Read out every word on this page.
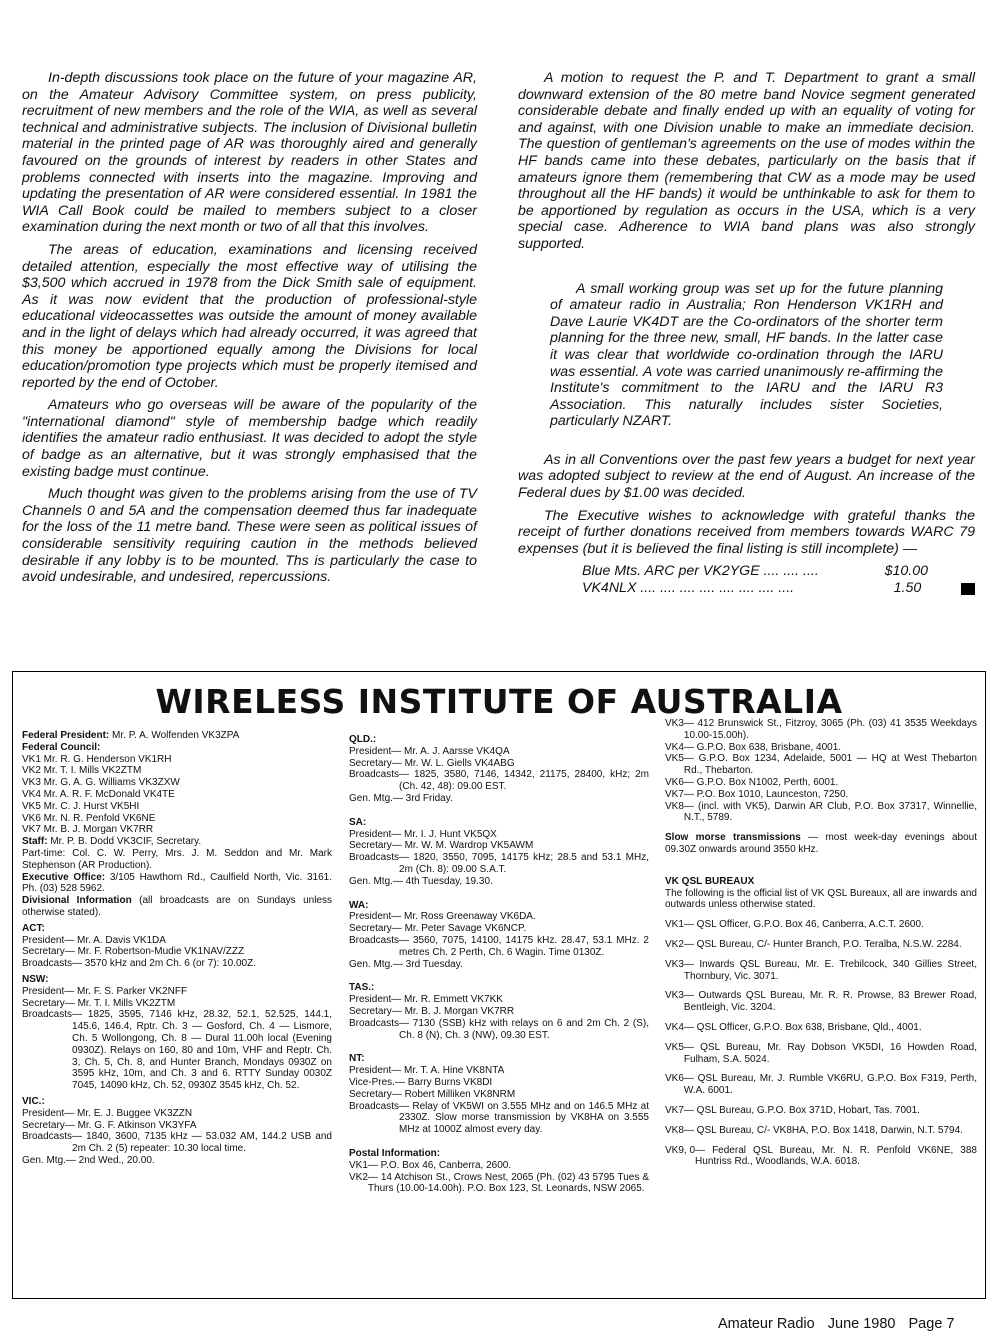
In-depth discussions took place on the future of your magazine AR, on the Amateur Advisory Committee system, on press publicity, recruitment of new members and the role of the WIA, as well as several technical and administrative subjects. The inclusion of Divisional bulletin material in the printed page of AR was thoroughly aired and generally favoured on the grounds of interest by readers in other States and problems connected with inserts into the magazine. Improving and updating the presentation of AR were considered essential. In 1981 the WIA Call Book could be mailed to members subject to a closer examination during the next month or two of all that this involves.

The areas of education, examinations and licensing received detailed attention, especially the most effective way of utilising the $3,500 which accrued in 1978 from the Dick Smith sale of equipment. As it was now evident that the production of professional-style educational videocassettes was outside the amount of money available and in the light of delays which had already occurred, it was agreed that this money be apportioned equally among the Divisions for local education/promotion type projects which must be properly itemised and reported by the end of October.

Amateurs who go overseas will be aware of the popularity of the "international diamond" style of membership badge which readily identifies the amateur radio enthusiast. It was decided to adopt the style of badge as an alternative, but it was strongly emphasised that the existing badge must continue.

Much thought was given to the problems arising from the use of TV Channels 0 and 5A and the compensation deemed thus far inadequate for the loss of the 11 metre band. These were seen as political issues of considerable sensitivity requiring caution in the methods believed desirable if any lobby is to be mounted. Ths is particularly the case to avoid undesirable, and undesired, repercussions.

A motion to request the P. and T. Department to grant a small downward extension of the 80 metre band Novice segment generated considerable debate and finally ended up with an equality of voting for and against, with one Division unable to make an immediate decision. The question of gentleman's agreements on the use of modes within the HF bands came into these debates, particularly on the basis that if amateurs ignore them (remembering that CW as a mode may be used throughout all the HF bands) it would be unthinkable to ask for them to be apportioned by regulation as occurs in the USA, which is a very special case. Adherence to WIA band plans was also strongly supported.

A small working group was set up for the future planning of amateur radio in Australia; Ron Henderson VK1RH and Dave Laurie VK4DT are the Co-ordinators of the shorter term planning for the three new, small, HF bands. In the latter case it was clear that worldwide co-ordination through the IARU was essential. A vote was carried unanimously re-affirming the Institute's commitment to the IARU and the IARU R3 Association. This naturally includes sister Societies, particularly NZART.

As in all Conventions over the past few years a budget for next year was adopted subject to review at the end of August. An increase of the Federal dues by $1.00 was decided.

The Executive wishes to acknowledge with grateful thanks the receipt of further donations received from members towards WARC 79 expenses (but it is believed the final listing is still incomplete) —

Blue Mts. ARC per VK2YGE .... .... ....	$10.00
VK4NLX .... .... .... .... .... .... .... ....	1.50
WIRELESS INSTITUTE OF AUSTRALIA
Federal President: Mr. P. A. Wolfenden VK3ZPA
Federal Council:
VK1 Mr. R. G. Henderson VK1RH
VK2 Mr. T. I. Mills VK2ZTM
VK3 Mr. G. A. G. Williams VK3ZXW
VK4 Mr. A. R. F. McDonald VK4TE
VK5 Mr. C. J. Hurst VK5HI
VK6 Mr. N. R. Penfold VK6NE
VK7 Mr. B. J. Morgan VK7RR
Staff: Mr. P. B. Dodd VK3CIF, Secretary.
Part-time: Col. C. W. Perry, Mrs. J. M. Seddon and Mr. Mark Stephenson (AR Production).
Executive Office: 3/105 Hawthorn Rd., Caulfield North, Vic. 3161. Ph. (03) 528 5962.
Divisional Information (all broadcasts are on Sundays unless otherwise stated).
ACT:
President — Mr. A. Davis VK1DA
Secretary — Mr. F. Robertson-Mudie VK1NAV/ZZZ
Broadcasts — 3570 kHz and 2m Ch. 6 (or 7): 10.00Z.
NSW:
President — Mr. F. S. Parker VK2NFF
Secretary — Mr. T. I. Mills VK2ZTM
Broadcasts — 1825, 3595, 7146 kHz, 28.32, 52.1, 52.525, 144.1, 145.6, 146.4, Rptr. Ch. 3 — Gosford, Ch. 4 — Lismore, Ch. 5 Wollongong, Ch. 8 — Dural 11.00h local (Evening 0930Z). Relays on 160, 80 and 10m, VHF and Reptr. Ch. 3, Ch. 5, Ch. 8, and Hunter Branch, Mondays 0930Z on 3595 kHz, 10m, and Ch. 3 and 6. RTTY Sunday 0030Z 7045, 14090 kHz, Ch. 52, 0930Z 3545 kHz, Ch. 52.
VIC.:
President — Mr. E. J. Buggee VK3ZZN
Secretary — Mr. G. F. Atkinson VK3YFA
Broadcasts — 1840, 3600, 7135 kHz — 53.032 AM, 144.2 USB and 2m Ch. 2 (5) repeater: 10.30 local time.
Gen. Mtg. — 2nd Wed., 20.00.
QLD.:
President — Mr. A. J. Aarsse VK4QA
Secretary — Mr. W. L. Giells VK4ABG
Broadcasts — 1825, 3580, 7146, 14342, 21175, 28400, kHz; 2m (Ch. 42, 48): 09.00 EST.
Gen. Mtg. — 3rd Friday.
SA:
President — Mr. I. J. Hunt VK5QX
Secretary — Mr. W. M. Wardrop VK5AWM
Broadcasts — 1820, 3550, 7095, 14175 kHz; 28.5 and 53.1 MHz, 2m (Ch. 8): 09.00 S.A.T.
Gen. Mtg. — 4th Tuesday, 19.30.
WA:
President — Mr. Ross Greenaway VK6DA.
Secretary — Mr. Peter Savage VK6NCP.
Broadcasts — 3560, 7075, 14100, 14175 kHz. 28.47, 53.1 MHz. 2 metres Ch. 2 Perth, Ch. 6 Wagin. Time 0130Z.
Gen. Mtg. — 3rd Tuesday.
TAS.:
President — Mr. R. Emmett VK7KK
Secretary — Mr. B. J. Morgan VK7RR
Broadcasts — 7130 (SSB) kHz with relays on 6 and 2m Ch. 2 (S), Ch. 8 (N), Ch. 3 (NW), 09.30 EST.
NT:
President — Mr. T. A. Hine VK8NTA
Vice-Pres. — Barry Burns VK8DI
Secretary — Robert Milliken VK8NRM
Broadcasts — Relay of VK5WI on 3.555 MHz and on 146.5 MHz at 2330Z. Slow morse transmission by VK8HA on 3.555 MHz at 1000Z almost every day.
Postal Information:
VK1 — P.O. Box 46, Canberra, 2600.
VK2 — 14 Atchison St., Crows Nest, 2065 (Ph. (02) 43 5795 Tues & Thurs (10.00-14.00h). P.O. Box 123, St. Leonards, NSW 2065.
VK3 — 412 Brunswick St., Fitzroy, 3065 (Ph. (03) 41 3535 Weekdays 10.00-15.00h).
VK4 — G.P.O. Box 638, Brisbane, 4001.
VK5 — G.P.O. Box 1234, Adelaide, 5001 — HQ at West Thebarton Rd., Thebarton.
VK6 — G.P.O. Box N1002, Perth, 6001.
VK7 — P.O. Box 1010, Launceston, 7250.
VK8 — (incl. with VK5), Darwin AR Club, P.O. Box 37317, Winnellie, N.T., 5789.
Slow morse transmissions — most week-day evenings about 09.30Z onwards around 3550 kHz.
VK QSL BUREAUX
The following is the official list of VK QSL Bureaux, all are inwards and outwards unless otherwise stated.
VK1 — QSL Officer, G.P.O. Box 46, Canberra, A.C.T. 2600.
VK2 — QSL Bureau, C/- Hunter Branch, P.O. Teralba, N.S.W. 2284.
VK3 — Inwards QSL Bureau, Mr. E. Trebilcock, 340 Gillies Street, Thornbury, Vic. 3071.
VK3 — Outwards QSL Bureau, Mr. R. R. Prowse, 83 Brewer Road, Bentleigh, Vic. 3204.
VK4 — QSL Officer, G.P.O. Box 638, Brisbane, Qld., 4001.
VK5 — QSL Bureau, Mr. Ray Dobson VK5DI, 16 Howden Road, Fulham, S.A. 5024.
VK6 — QSL Bureau, Mr. J. Rumble VK6RU, G.P.O. Box F319, Perth, W.A. 6001.
VK7 — QSL Bureau, G.P.O. Box 371D, Hobart, Tas. 7001.
VK8 — QSL Bureau, C/- VK8HA, P.O. Box 1418, Darwin, N.T. 5794.
VK9, 0 — Federal QSL Bureau, Mr. N. R. Penfold VK6NE, 388 Huntriss Rd., Woodlands, W.A. 6018.
Amateur Radio June 1980 Page 7
